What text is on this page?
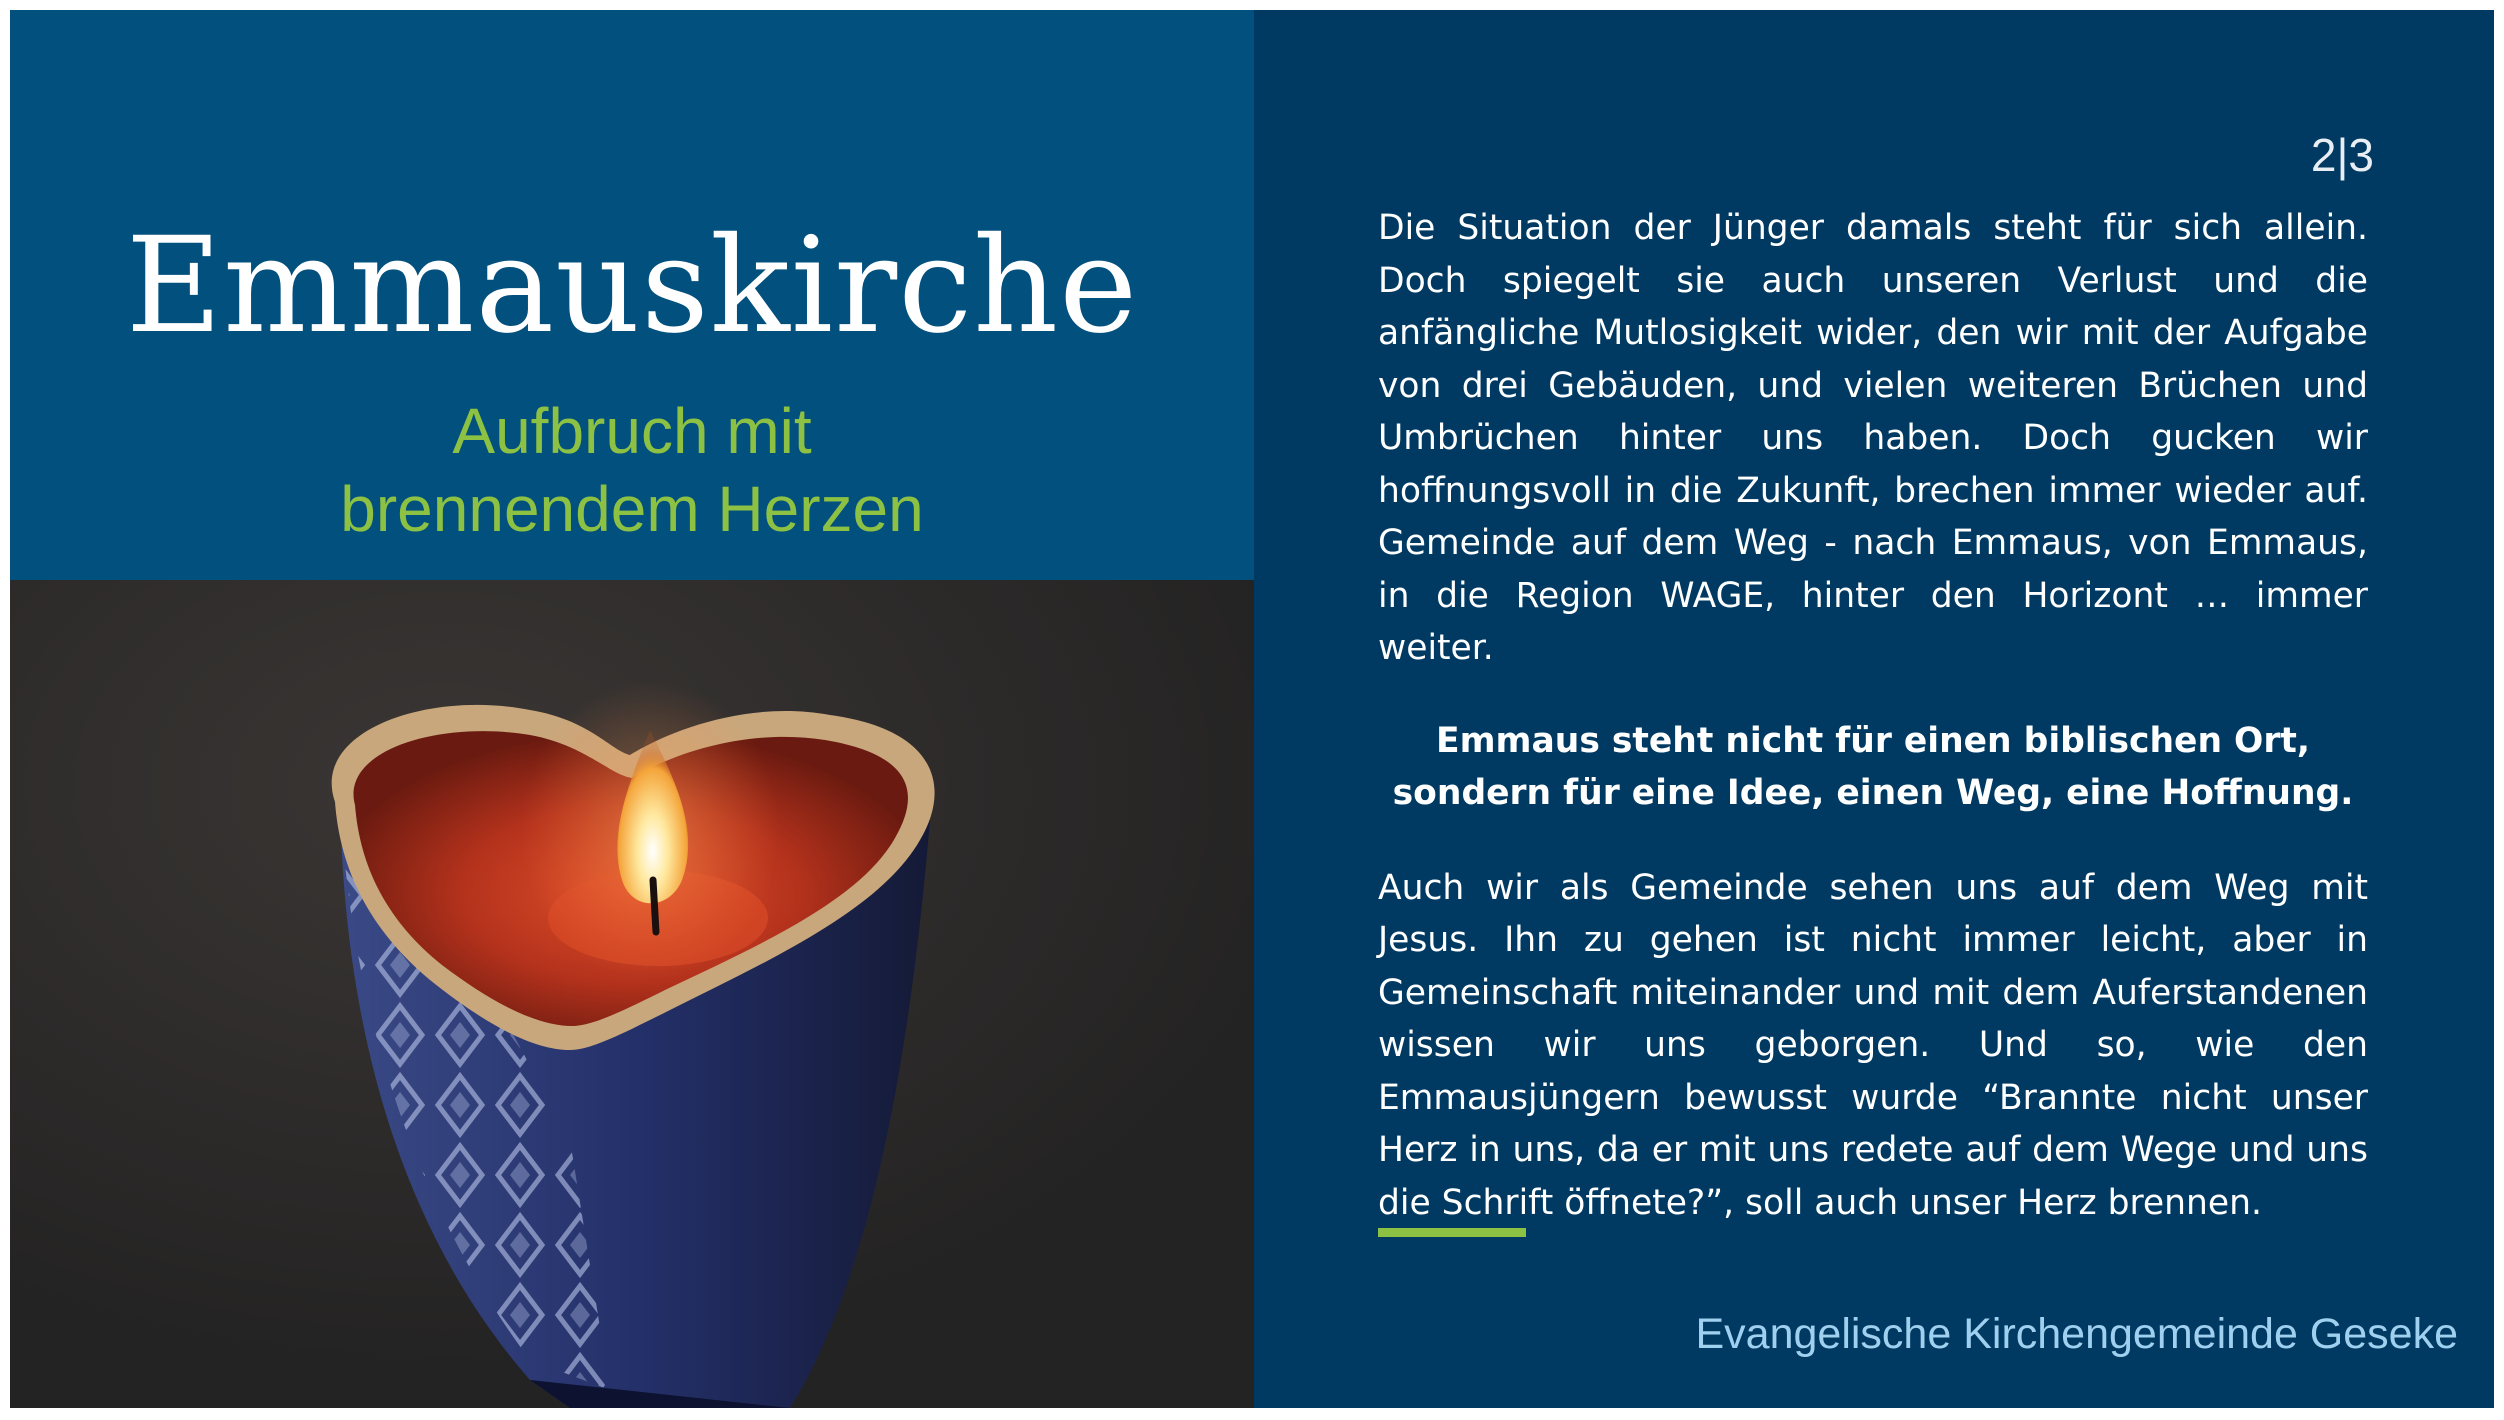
Emmauskirche
Aufbruch mit
brennendem Herzen
2|3

Die Situation der Jünger damals steht für sich allein. Doch spiegelt sie auch unseren Verlust und die anfängliche Mutlosigkeit wider, den wir mit der Aufgabe von drei Gebäuden, und vielen weiteren Brüchen und Umbrüchen hinter uns haben. Doch gucken wir hoffnungsvoll in die Zukunft, brechen immer wieder auf. Gemeinde auf dem Weg - nach Emmaus, von Emmaus, in die Region WAGE, hinter den Horizont … immer weiter.

Emmaus steht nicht für einen biblischen Ort,
sondern für eine Idee, einen Weg, eine Hoffnung.

Auch wir als Gemeinde sehen uns auf dem Weg mit Jesus. Ihn zu gehen ist nicht immer leicht, aber in Gemeinschaft miteinander und mit dem Auferstandenen wissen wir uns geborgen. Und so, wie den Emmausjüngern bewusst wurde “Brannte nicht unser Herz in uns, da er mit uns redete auf dem Wege und uns die Schrift öffnete?”, soll auch unser Herz brennen.

Evangelische Kirchengemeinde Geseke
